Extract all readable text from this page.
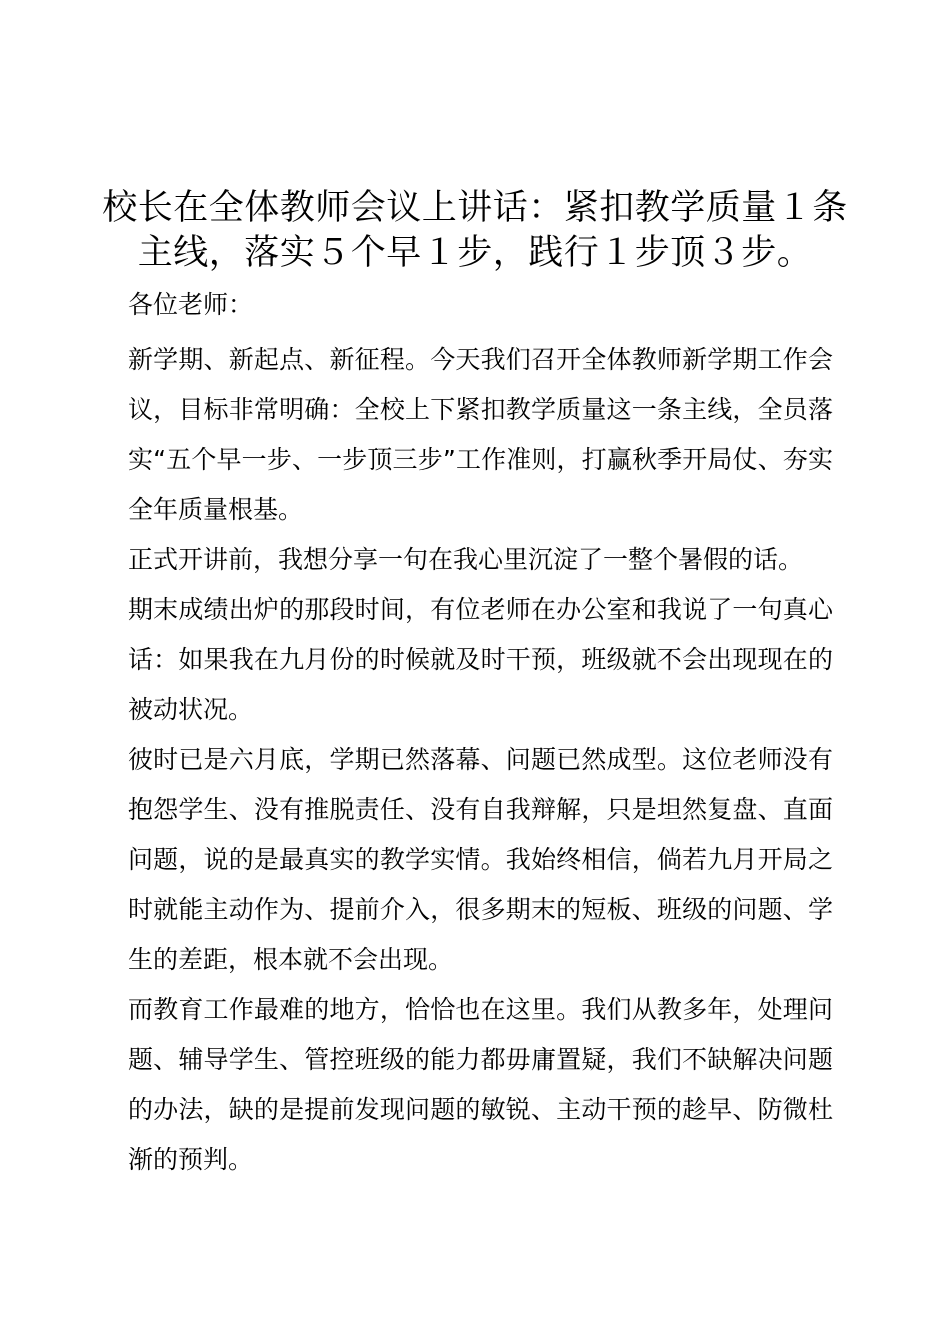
校长在全体教师会议上讲话：紧扣教学质量１条主线，落实５个早１步，践行１步顶３步。

各位老师：

新学期、新起点、新征程。今天我们召开全体教师新学期工作会议，目标非常明确：全校上下紧扣教学质量这一条主线，全员落实“五个早一步、一步顶三步”工作准则，打赢秋季开局仗、夯实全年质量根基。

正式开讲前，我想分享一句在我心里沉淀了一整个暑假的话。

期末成绩出炉的那段时间，有位老师在办公室和我说了一句真心话：如果我在九月份的时候就及时干预，班级就不会出现现在的被动状况。

彼时已是六月底，学期已然落幕、问题已然成型。这位老师没有抱怨学生、没有推脱责任、没有自我辩解，只是坦然复盘、直面问题，说的是最真实的教学实情。我始终相信，倘若九月开局之时就能主动作为、提前介入，很多期末的短板、班级的问题、学生的差距，根本就不会出现。

而教育工作最难的地方，恰恰也在这里。我们从教多年，处理问题、辅导学生、管控班级的能力都毋庸置疑，我们不缺解决问题的办法，缺的是提前发现问题的敏锐、主动干预的趁早、防微杜渐的预判。
